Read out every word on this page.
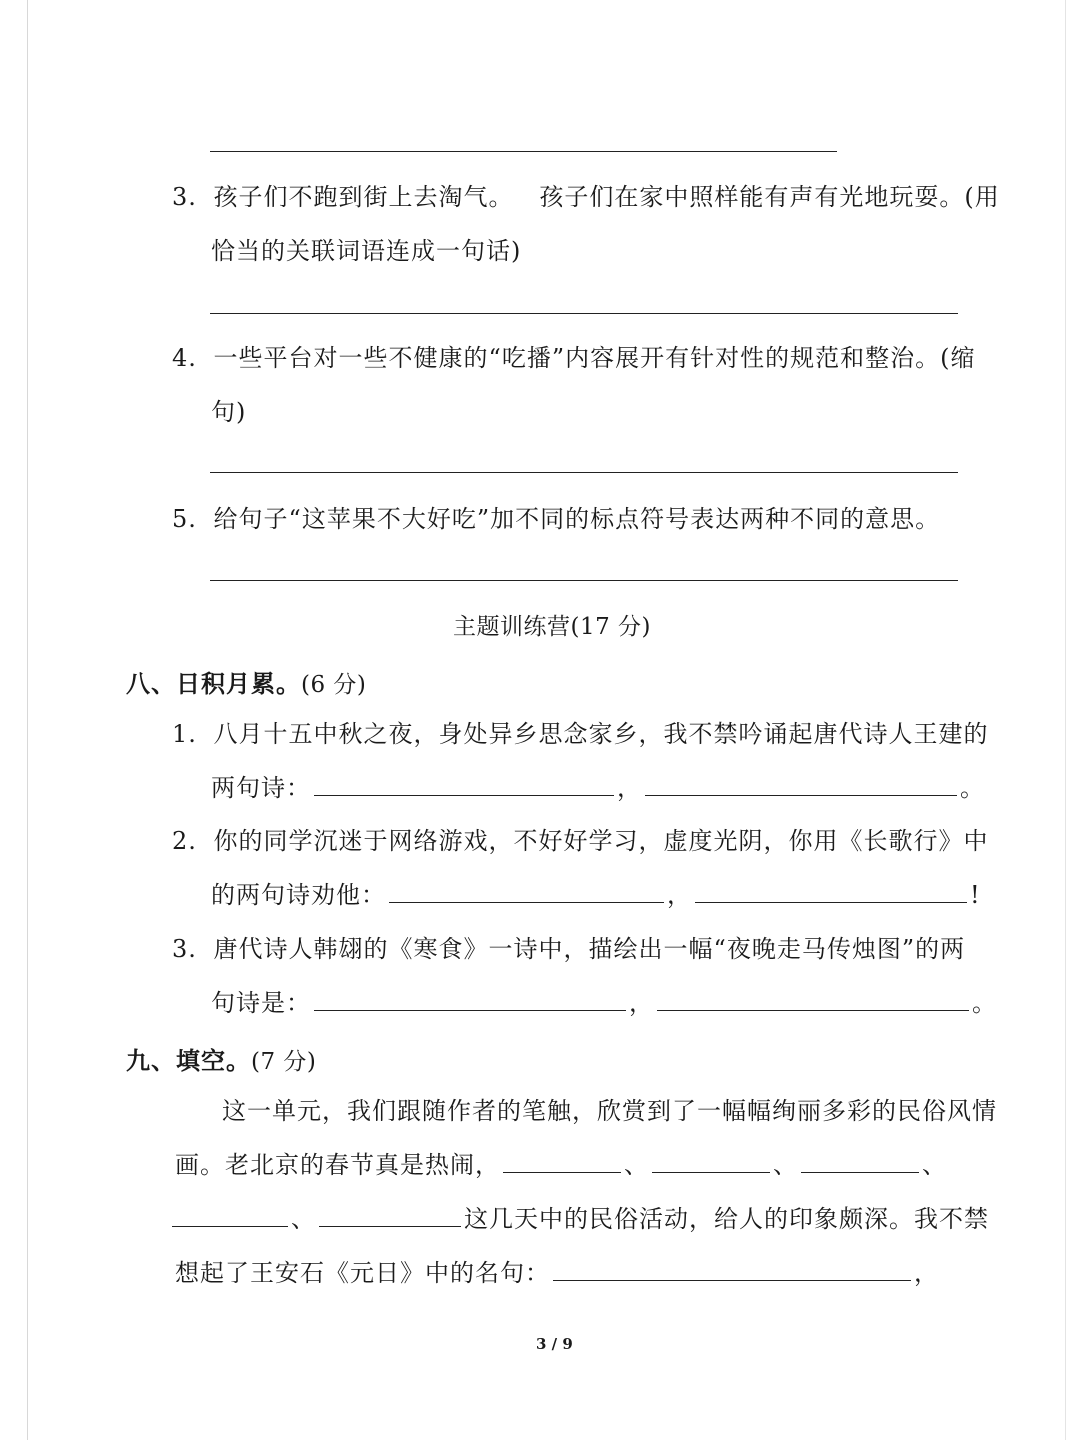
3. 孩子们不跑到街上去淘气。   孩子们在家中照样能有声有光地玩耍。(用
恰当的关联词语连成一句话)
4. 一些平台对一些不健康的“吃播”内容展开有针对性的规范和整治。(缩
句)
5. 给句子“这苹果不大好吃”加不同的标点符号表达两种不同的意思。
主题训练营(17 分)
八、日积月累。(6 分)
1. 八月十五中秋之夜，身处异乡思念家乡，我不禁吟诵起唐代诗人王建的
两句诗：	，	。
2. 你的同学沉迷于网络游戏，不好好学习，虚度光阴，你用《长歌行》中
的两句诗劝他：	，	!
3. 唐代诗人韩翃的《寒食》一诗中，描绘出一幅“夜晚走马传烛图”的两
句诗是：	，	。
九、填空。(7 分)
这一单元，我们跟随作者的笔触，欣赏到了一幅幅绚丽多彩的民俗风情
画。老北京的春节真是热闹，	、	、	、
、	这几天中的民俗活动，给人的印象颇深。我不禁
想起了王安石《元日》中的名句：	，
3 / 9
